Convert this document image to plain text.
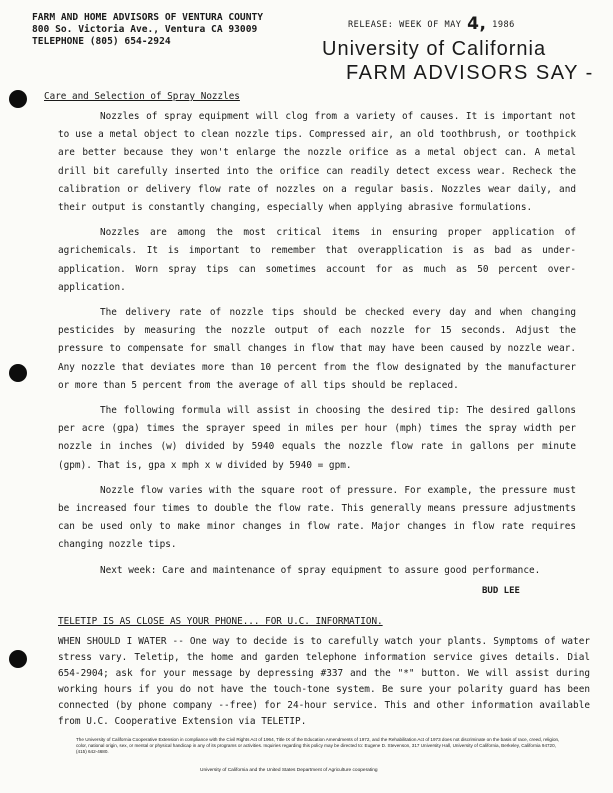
FARM AND HOME ADVISORS OF VENTURA COUNTY
800 So. Victoria Ave., Ventura CA 93009
TELEPHONE (805) 654-2924
RELEASE: WEEK OF MAY 4, 1986
University of California
FARM ADVISORS SAY -
Care and Selection of Spray Nozzles

Nozzles of spray equipment will clog from a variety of causes. It is important not to use a metal object to clean nozzle tips. Compressed air, an old toothbrush, or toothpick are better because they won't enlarge the nozzle orifice as a metal object can. A metal drill bit carefully inserted into the orifice can readily detect excess wear. Recheck the calibration or delivery flow rate of nozzles on a regular basis. Nozzles wear daily, and their output is constantly changing, especially when applying abrasive formulations.

Nozzles are among the most critical items in ensuring proper application of agrichemicals. It is important to remember that overapplication is as bad as under-application. Worn spray tips can sometimes account for as much as 50 percent over-application.

The delivery rate of nozzle tips should be checked every day and when changing pesticides by measuring the nozzle output of each nozzle for 15 seconds. Adjust the pressure to compensate for small changes in flow that may have been caused by nozzle wear. Any nozzle that deviates more than 10 percent from the flow designated by the manufacturer or more than 5 percent from the average of all tips should be replaced.

The following formula will assist in choosing the desired tip: The desired gallons per acre (gpa) times the sprayer speed in miles per hour (mph) times the spray width per nozzle in inches (w) divided by 5940 equals the nozzle flow rate in gallons per minute (gpm). That is, gpa x mph x w divided by 5940 = gpm.

Nozzle flow varies with the square root of pressure. For example, the pressure must be increased four times to double the flow rate. This generally means pressure adjustments can be used only to make minor changes in flow rate. Major changes in flow rate requires changing nozzle tips.

Next week: Care and maintenance of spray equipment to assure good performance.

BUD LEE
TELETIP IS AS CLOSE AS YOUR PHONE... FOR U.C. INFORMATION.
WHEN SHOULD I WATER -- One way to decide is to carefully watch your plants. Symptoms of water stress vary. Teletip, the home and garden telephone information service gives details. Dial 654-2904; ask for your message by depressing #337 and the "*" button. We will assist during working hours if you do not have the touch-tone system. Be sure your polarity guard has been connected (by phone company --free) for 24-hour service. This and other information available from U.C. Cooperative Extension via TELETIP.
The University of California Cooperative Extension in compliance with the Civil Rights Act of 1964, Title IX of the Education Amendments of 1972, and the Rehabilitation Act of 1973 does not discriminate on the basis of race, creed, religion, color, national origin, sex, or mental or physical handicap in any of its programs or activities. Inquiries regarding this policy may be directed to: Eugene D. Stevenson, 317 University Hall, University of California, Berkeley, California 94720, (415) 642-4680.
University of California and the United States Department of Agriculture cooperating
